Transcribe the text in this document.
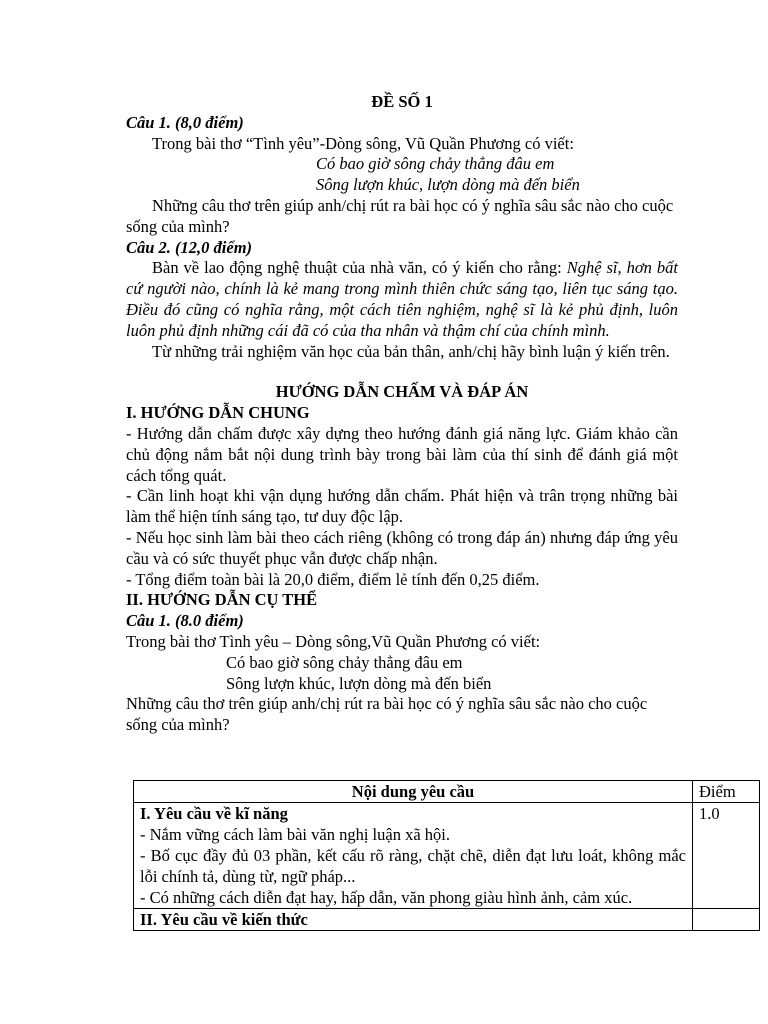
ĐỀ SỐ 1

Câu 1. (8,0 điểm)

Trong bài thơ “Tình yêu”-Dòng sông, Vũ Quần Phương có viết:

Có bao giờ sông chảy thẳng đâu em

Sông lượn khúc, lượn dòng mà đến biển

Những câu thơ trên giúp anh/chị rút ra bài học có ý nghĩa sâu sắc nào cho cuộc sống của mình?

Câu 2. (12,0 điểm)

Bàn về lao động nghệ thuật của nhà văn, có ý kiến cho rằng: Nghệ sĩ, hơn bất cứ người nào, chính là kẻ mang trong mình thiên chức sáng tạo, liên tục sáng tạo. Điều đó cũng có nghĩa rằng, một cách tiên nghiệm, nghệ sĩ là kẻ phủ định, luôn luôn phủ định những cái đã có của tha nhân và thậm chí của chính mình.

Từ những trải nghiệm văn học của bản thân, anh/chị hãy bình luận ý kiến trên.

HƯỚNG DẪN CHẤM VÀ ĐÁP ÁN

I. HƯỚNG DẪN CHUNG

- Hướng dẫn chấm được xây dựng theo hướng đánh giá năng lực. Giám khảo cần chủ động nắm bắt nội dung trình bày trong bài làm của thí sinh để đánh giá một cách tổng quát.

- Cần linh hoạt khi vận dụng hướng dẫn chấm. Phát hiện và trân trọng những bài làm thể hiện tính sáng tạo, tư duy độc lập.

- Nếu học sinh làm bài theo cách riêng (không có trong đáp án) nhưng đáp ứng yêu cầu và có sức thuyết phục vẫn được chấp nhận.

- Tổng điểm toàn bài là 20,0 điểm, điểm lẻ tính đến 0,25 điểm.

II. HƯỚNG DẪN CỤ THỂ

Câu 1. (8.0 điểm)

Trong bài thơ Tình yêu – Dòng sông,Vũ Quần Phương có viết:

Có bao giờ sông chảy thẳng đâu em

Sông lượn khúc, lượn dòng mà đến biển

Những câu thơ trên giúp anh/chị rút ra bài học có ý nghĩa sâu sắc nào cho cuộc sống của mình?

Nội dung yêu cầu	Điểm

I. Yêu cầu về kĩ năng
- Nắm vững cách làm bài văn nghị luận xã hội.
- Bố cục đầy đủ 03 phần, kết cấu rõ ràng, chặt chẽ, diễn đạt lưu loát, không mắc lỗi chính tả, dùng từ, ngữ pháp...
- Có những cách diễn đạt hay, hấp dẫn, văn phong giàu hình ảnh, cảm xúc.	1.0
II. Yêu cầu về kiến thức	
